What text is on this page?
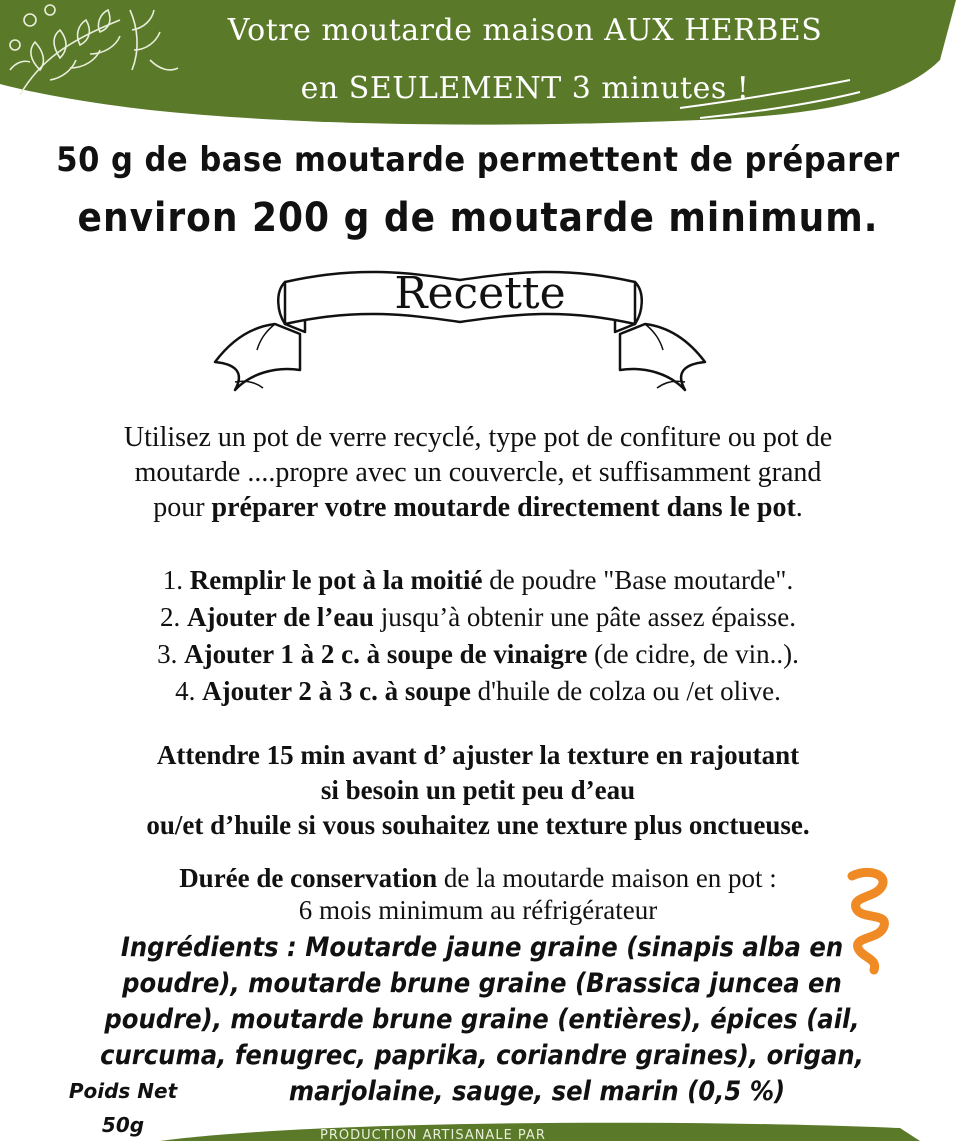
Votre moutarde maison AUX HERBES
en SEULEMENT 3 minutes !
50 g de base moutarde permettent de préparer
environ 200 g de moutarde minimum.
Recette
Utilisez un pot de verre recyclé, type pot de confiture ou pot de
moutarde ....propre avec un couvercle, et suffisamment grand
pour préparer votre moutarde directement dans le pot.
1. Remplir le pot à la moitié de poudre "Base moutarde".
2. Ajouter de l’eau jusqu’à obtenir une pâte assez épaisse.
3. Ajouter 1 à 2 c. à soupe de vinaigre (de cidre, de vin..).
4. Ajouter 2 à 3 c. à soupe d'huile de colza ou /et olive.
Attendre 15 min avant d’ ajuster la texture en rajoutant
si besoin un petit peu d’eau
ou/et d’huile si vous souhaitez une texture plus onctueuse.
Durée de conservation de la moutarde maison en pot :
6 mois minimum au réfrigérateur
Ingrédients : Moutarde jaune graine (sinapis alba en
poudre), moutarde brune graine (Brassica juncea en
poudre), moutarde brune graine (entières), épices (ail,
curcuma, fenugrec, paprika, coriandre graines), origan,
marjolaine, sauge, sel marin (0,5 %)
Poids Net
50g	PRODUCTION ARTISANALE PAR
